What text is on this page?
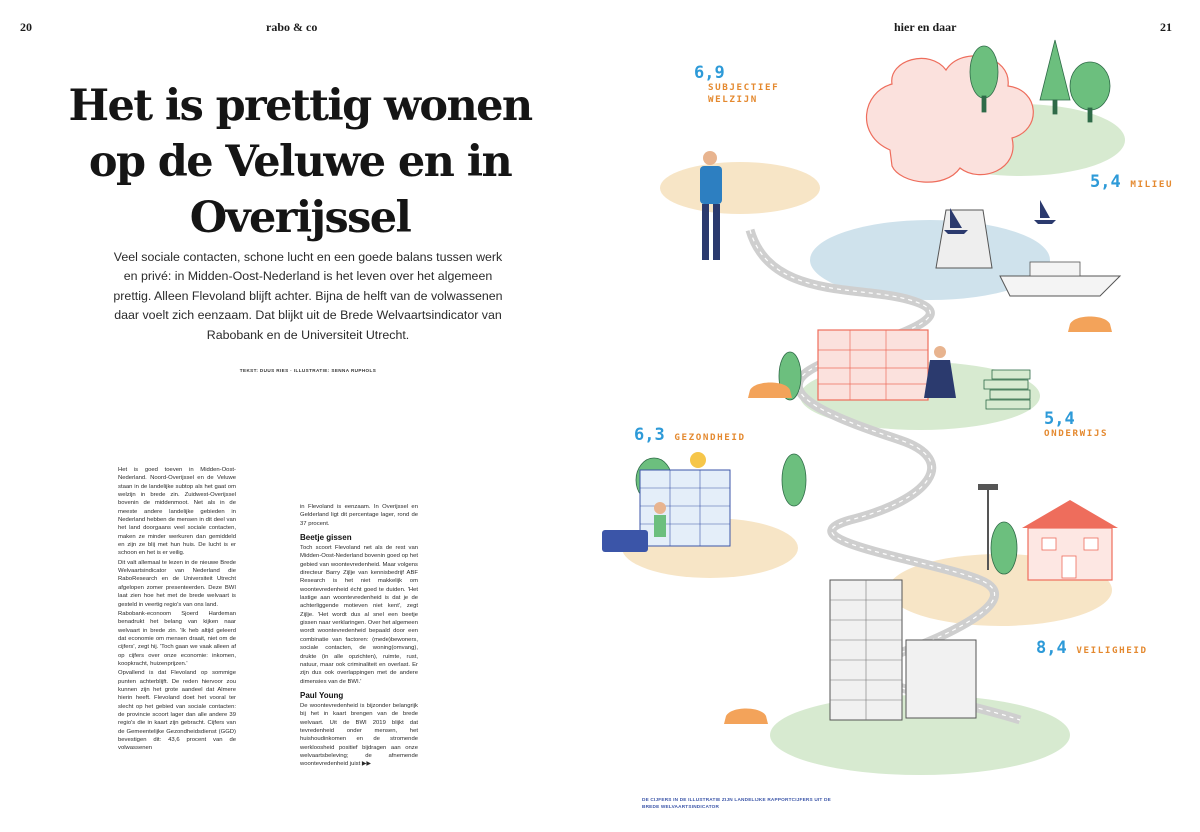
20	rabo & co	hier en daar	21
Het is prettig wonen op de Veluwe en in Overijssel

Veel sociale contacten, schone lucht en een goede balans tussen werk en privé: in Midden-Oost-Nederland is het leven over het algemeen prettig. Alleen Flevoland blijft achter. Bijna de helft van de volwassenen daar voelt zich eenzaam. Dat blijkt uit de Brede Welvaartsindicator van Rabobank en de Universiteit Utrecht.

TEKST: DUUS RIES · ILLUSTRATIE: SENNA RUPHOLS

Het is goed toeven in Midden-Oost-Nederland. Noord-Overijssel en de Veluwe staan in de landelijke subtop als het gaat om welzijn in brede zin. Zuidwest-Overijssel bovenin de middenmoot. Net als in de meeste andere landelijke gebieden in Nederland hebben de mensen in dit deel van het land doorgaans veel sociale contacten, maken ze minder werkuren dan gemiddeld en zijn ze blij met hun huis. De lucht is er schoon en het is er veilig.

Dit valt allemaal te lezen in de nieuwe Brede Welvaartsindicator van Nederland die RaboResearch en de Universiteit Utrecht afgelopen zomer presenteerden. Deze BWI laat zien hoe het met de brede welvaart is gesteld in veertig regio's van ons land.

Rabobank-econoom Sjoerd Hardeman benadrukt het belang van kijken naar welvaart in brede zin. 'Ik heb altijd geleerd dat economie om mensen draait, niet om de cijfers', zegt hij. 'Toch gaan we vaak alleen af op cijfers over onze economie: inkomen, koopkracht, huizenprijzen.'

Opvallend is dat Flevoland op sommige punten achterblijft. De reden hiervoor zou kunnen zijn het grote aandeel dat Almere hierin heeft. Flevoland doet het vooral ter slecht op het gebied van sociale contacten: de provincie scoort lager dan alle andere 39 regio's die in kaart zijn gebracht. Cijfers van de Gemeentelijke Gezondheidsdienst (GGD) bevestigen dit: 43,6 procent van de volwassenen

in Flevoland is eenzaam. In Overijssel en Gelderland ligt dit percentage lager, rond de 37 procent.

Beetje gissen

Toch scoort Flevoland net als de rest van Midden-Oost-Nederland bovenin goed op het gebied van woontevredenheid. Maar volgens directeur Barry Zijlje van kennisbedrijf ABF Research is het niet makkelijk om woontevredenheid écht goed te duiden. 'Het lastige aan woontevredenheid is dat je de achterliggende motieven niet kent', zegt Zijlje. 'Het wordt dus al snel een beetje gissen naar verklaringen. Over het algemeen wordt woontevredenheid bepaald door een combinatie van factoren: (mede)bewoners, sociale contacten, de woning(omvang), drukte (in alle opzichten), ruimte, rust, natuur, maar ook criminaliteit en overlast. Er zijn dus ook overlappingen met de andere dimensies van de BWI.'

Paul Young

De woontevredenheid is bijzonder belangrijk bij het in kaart brengen van de brede welvaart. Uit de BWI 2019 blijkt dat tevredenheid onder mensen, het huishoudinkomen en de stromende werkloosheid positief bijdragen aan onze welvaartsbeleving; de afnemende woontevredenheid juist ▶▶

6,9
SUBJECTIEF WELZIJN
5,4 MILIEU
6,3 GEZONDHEID
5,4
ONDERWIJS
8,4 VEILIGHEID
DE CIJFERS IN DE ILLUSTRATIE ZIJN LANDELIJKE RAPPORTCIJFERS UIT DE BREDE WELVAARTSINDICATOR
